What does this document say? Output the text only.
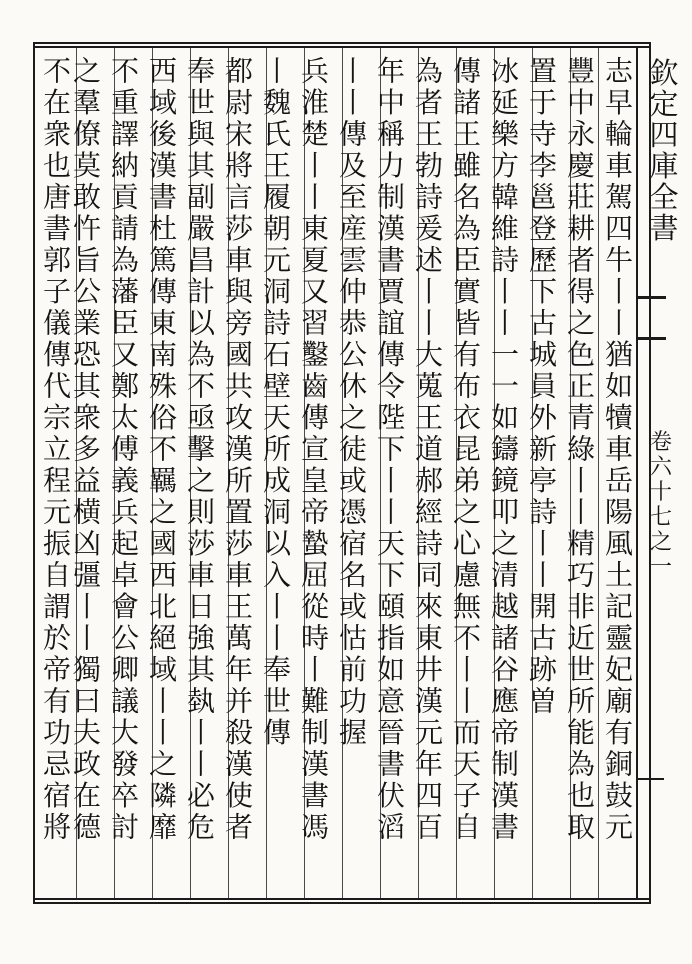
欽
定
四
庫
全
書
卷
六
十
七
之
一
志早輪車駕四牛丨丨猶如犢車岳陽風土記靈妃廟有銅鼓元
豐中永慶莊耕者得之色正青綠丨丨精巧非近世所能為也取
置于寺李邕登歷下古城員外新亭詩丨丨開古跡曽
冰延樂方韓維詩丨丨一一如鑄鏡叩之清越諸谷應帝制漢書
傳諸王雖名為臣實皆有布衣昆弟之心慮無不丨丨而天子自
為者王勃詩爰述丨丨大蒐王道郝經詩同來東井漢元年四百
年中稱力制漢書賈誼傳令陛下丨丨天下頤指如意晉書伏滔
丨丨傳及至産雲仲恭公休之徒或憑宿名或怙前功握
兵淮楚丨丨東夏又習鑿齒傳宣皇帝蟄屈從時丨難制漢書馮
丨魏氏王履朝元洞詩石壁天所成洞以入丨丨奉世傳
都尉宋將言莎車與旁國共攻漢所置莎車王萬年并殺漢使者
奉世與其副嚴昌計以為不亟擊之則莎車日強其埶丨丨必危
西域後漢書杜篤傳東南殊俗不羈之國西北絕域丨丨之隣靡
不重譯納貢請為藩臣又鄭太傅義兵起卓會公卿議大發卒討
之羣僚莫敢忤旨公業恐其衆多益横凶彊丨丨獨曰夫政在德
不在衆也唐書郭子儀傳代宗立程元振自謂於帝有功忌宿將
